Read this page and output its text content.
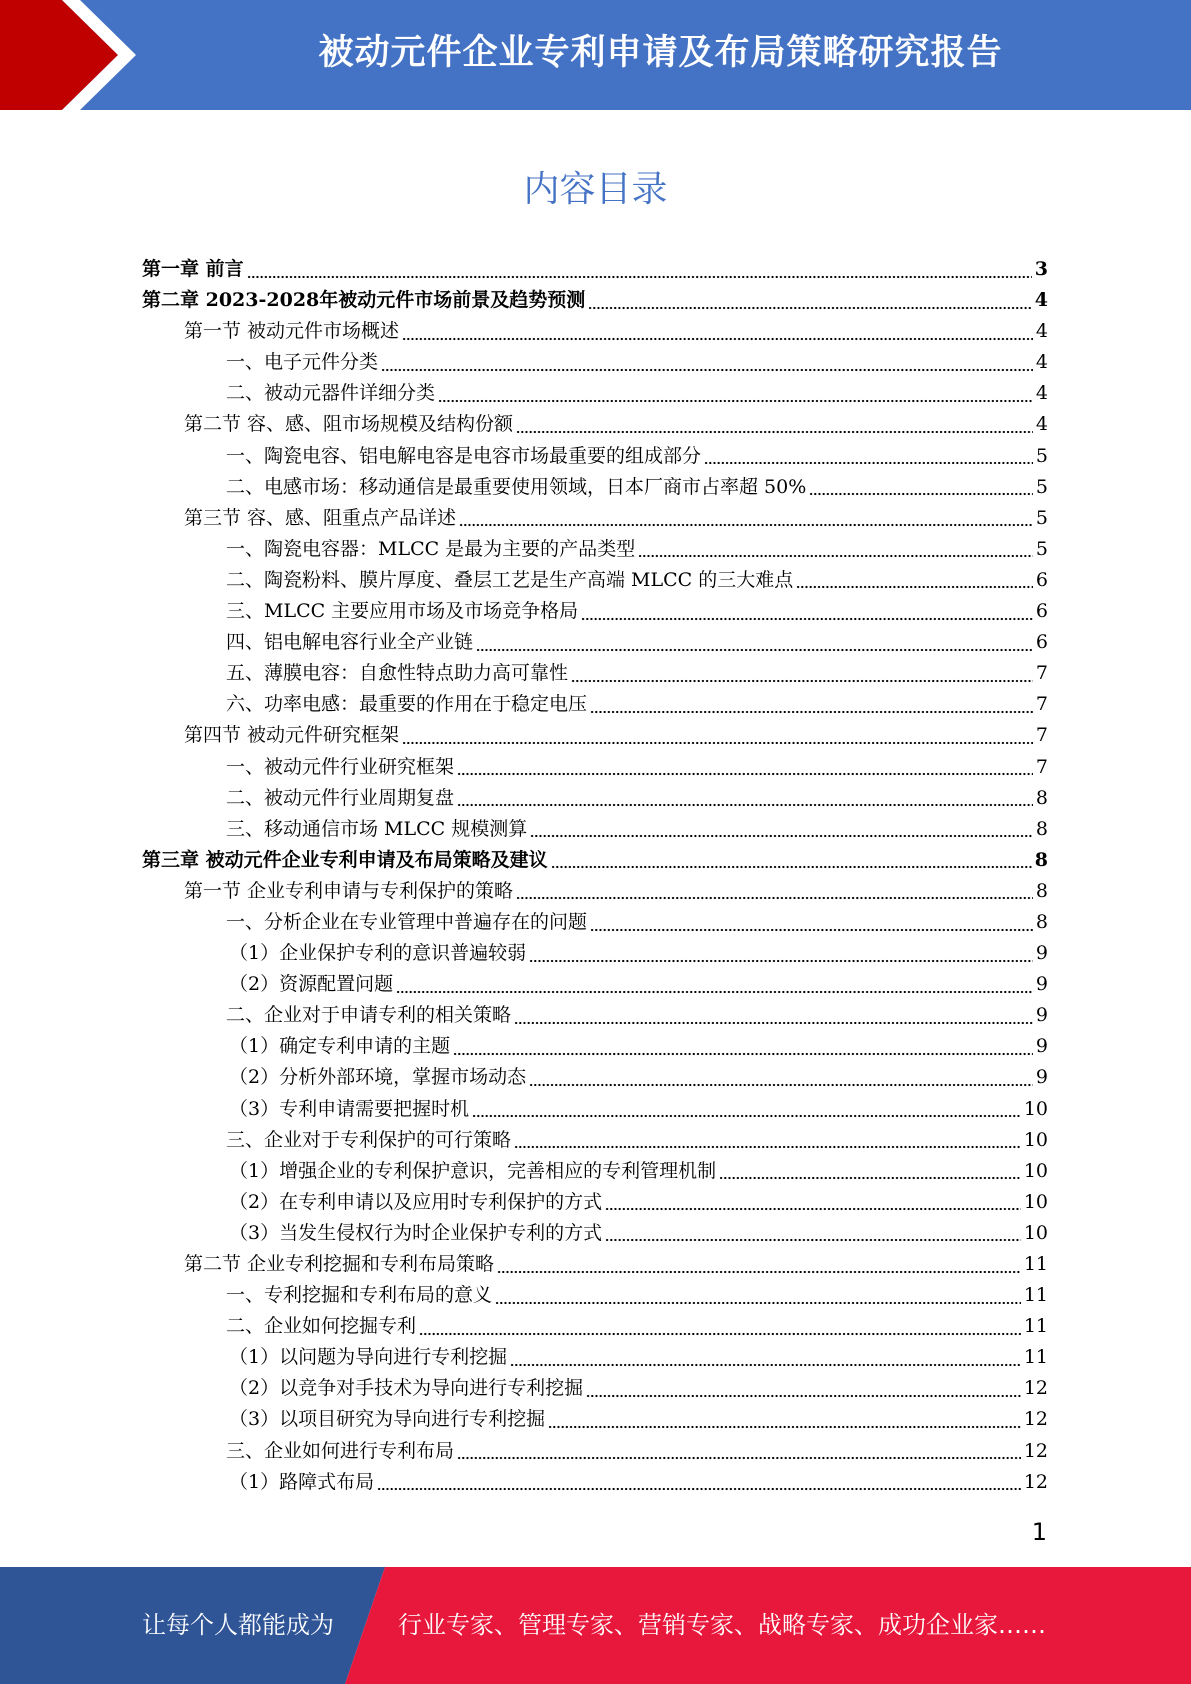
被动元件企业专利申请及布局策略研究报告
内容目录
第一章 前言	3
第二章 2023-2028年被动元件市场前景及趋势预测	4
第一节 被动元件市场概述	4
一、电子元件分类	4
二、被动元器件详细分类	4
第二节 容、感、阻市场规模及结构份额	4
一、陶瓷电容、铝电解电容是电容市场最重要的组成部分	5
二、电感市场：移动通信是最重要使用领域，日本厂商市占率超 50%	5
第三节 容、感、阻重点产品详述	5
一、陶瓷电容器：MLCC 是最为主要的产品类型	5
二、陶瓷粉料、膜片厚度、叠层工艺是生产高端 MLCC 的三大难点	6
三、MLCC 主要应用市场及市场竞争格局	6
四、铝电解电容行业全产业链	6
五、薄膜电容：自愈性特点助力高可靠性	7
六、功率电感：最重要的作用在于稳定电压	7
第四节 被动元件研究框架	7
一、被动元件行业研究框架	7
二、被动元件行业周期复盘	8
三、移动通信市场 MLCC 规模测算	8
第三章 被动元件企业专利申请及布局策略及建议	8
第一节 企业专利申请与专利保护的策略	8
一、分析企业在专业管理中普遍存在的问题	8
（1）企业保护专利的意识普遍较弱	9
（2）资源配置问题	9
二、企业对于申请专利的相关策略	9
（1）确定专利申请的主题	9
（2）分析外部环境，掌握市场动态	9
（3）专利申请需要把握时机	10
三、企业对于专利保护的可行策略	10
（1）增强企业的专利保护意识，完善相应的专利管理机制	10
（2）在专利申请以及应用时专利保护的方式	10
（3）当发生侵权行为时企业保护专利的方式	10
第二节 企业专利挖掘和专利布局策略	11
一、专利挖掘和专利布局的意义	11
二、企业如何挖掘专利	11
（1）以问题为导向进行专利挖掘	11
（2）以竞争对手技术为导向进行专利挖掘	12
（3）以项目研究为导向进行专利挖掘	12
三、企业如何进行专利布局	12
（1）路障式布局	12
1
让每个人都能成为	行业专家、管理专家、营销专家、战略专家、成功企业家……
